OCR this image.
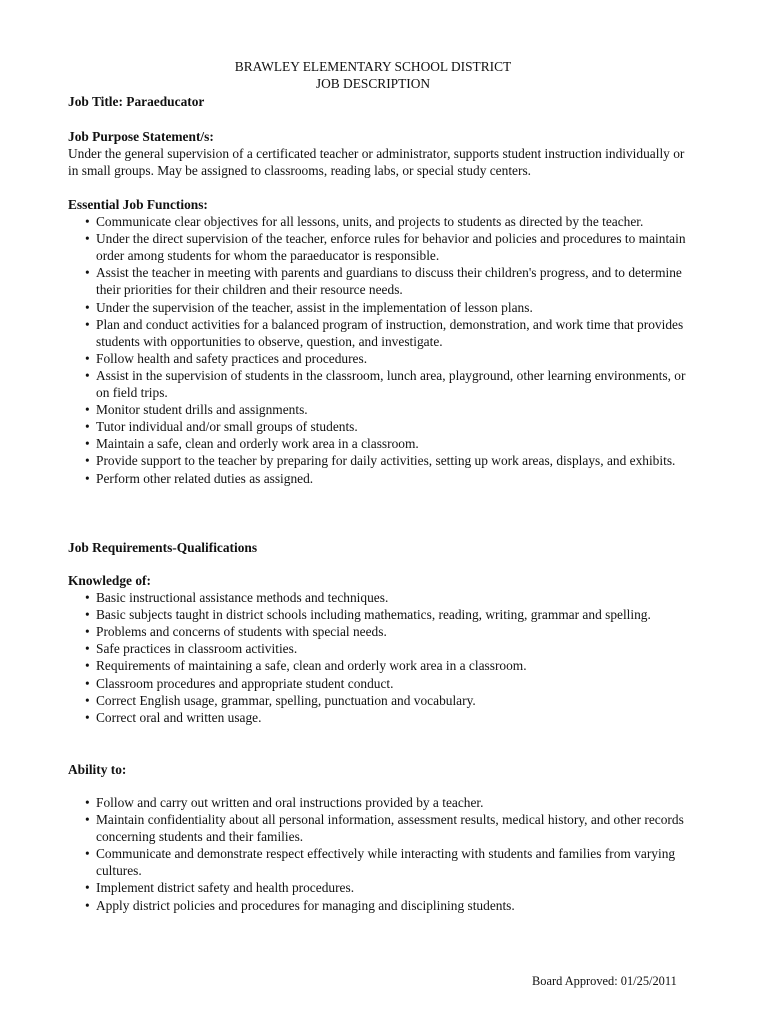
BRAWLEY ELEMENTARY SCHOOL DISTRICT
JOB DESCRIPTION
Job Title: Paraeducator
Job Purpose Statement/s:

Under the general supervision of a certificated teacher or administrator, supports student instruction individually or in small groups. May be assigned to classrooms, reading labs, or special study centers.

Essential Job Functions:
• Communicate clear objectives for all lessons, units, and projects to students as directed by the teacher.
• Under the direct supervision of the teacher, enforce rules for behavior and policies and procedures to maintain order among students for whom the paraeducator is responsible.
• Assist the teacher in meeting with parents and guardians to discuss their children's progress, and to determine their priorities for their children and their resource needs.
• Under the supervision of the teacher, assist in the implementation of lesson plans.
• Plan and conduct activities for a balanced program of instruction, demonstration, and work time that provides students with opportunities to observe, question, and investigate.
• Follow health and safety practices and procedures.
• Assist in the supervision of students in the classroom, lunch area, playground, other learning environments, or on field trips.
• Monitor student drills and assignments.
• Tutor individual and/or small groups of students.
• Maintain a safe, clean and orderly work area in a classroom.
• Provide support to the teacher by preparing for daily activities, setting up work areas, displays, and exhibits.
• Perform other related duties as assigned.
Job Requirements-Qualifications
Knowledge of:
• Basic instructional assistance methods and techniques.
• Basic subjects taught in district schools including mathematics, reading, writing, grammar and spelling.
• Problems and concerns of students with special needs.
• Safe practices in classroom activities.
• Requirements of maintaining a safe, clean and orderly work area in a classroom.
• Classroom procedures and appropriate student conduct.
• Correct English usage, grammar, spelling, punctuation and vocabulary.
• Correct oral and written usage.
Ability to:
• Follow and carry out written and oral instructions provided by a teacher.
• Maintain confidentiality about all personal information, assessment results, medical history, and other records concerning students and their families.
• Communicate and demonstrate respect effectively while interacting with students and families from varying cultures.
• Implement district safety and health procedures.
• Apply district policies and procedures for managing and disciplining students.
Board Approved: 01/25/2011
